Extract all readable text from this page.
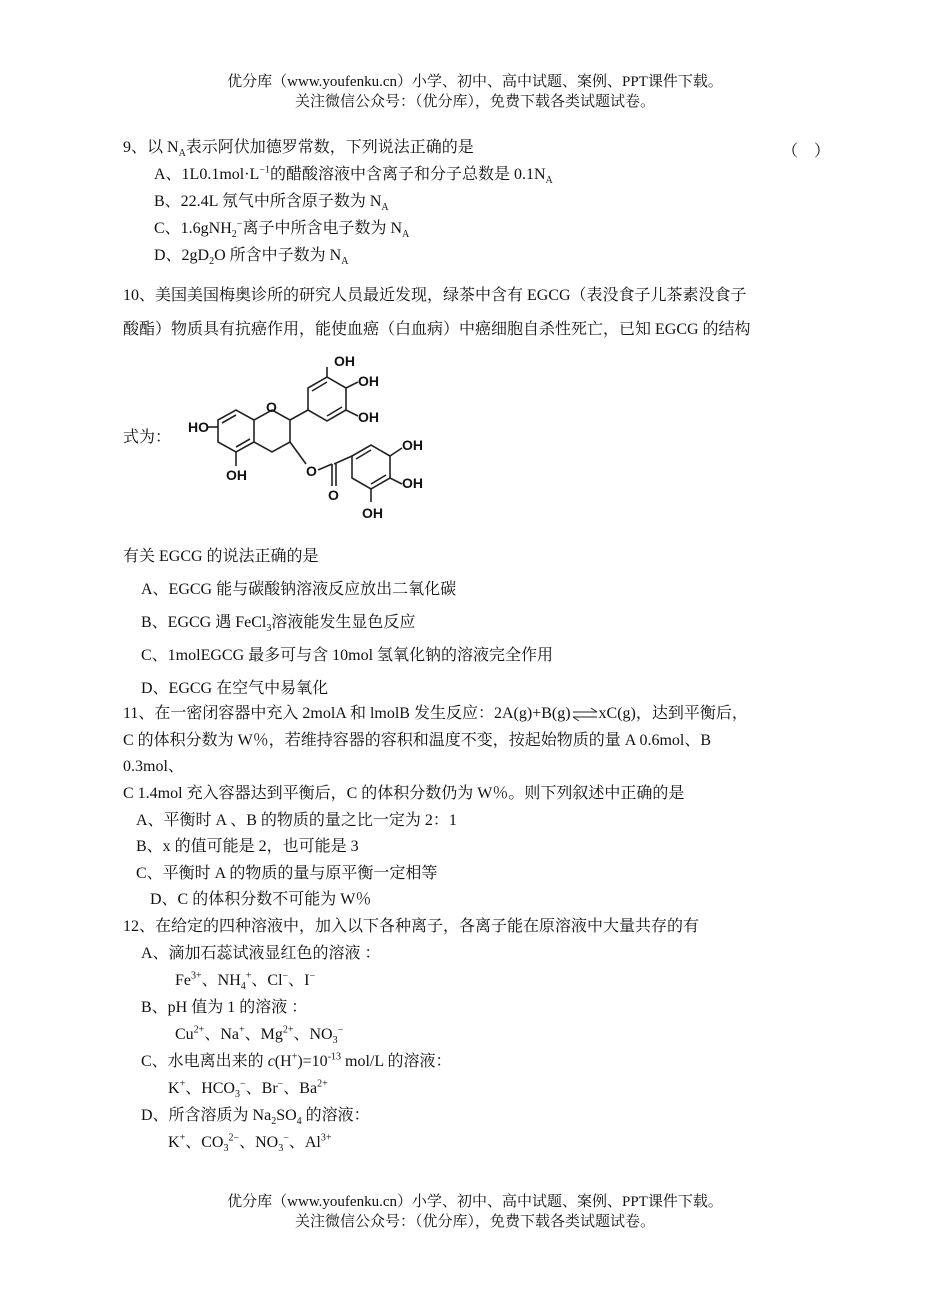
优分库（www.youfenku.cn）小学、初中、高中试题、案例、PPT课件下载。
关注微信公众号：（优分库），免费下载各类试题试卷。
9、以 $N_A$表示阿伏加德罗常数，下列说法正确的是	（　）
A、$1L0.1mol\cdot L^{-1}$的醋酸溶液中含离子和分子总数是 $0.1N_A$
B、22.4L 氖气中所含原子数为 $N_A$
C、1.6gNH$_2$−离子中所含电子数为 $N_A$
D、$2gD_2O$ 所含中子数为 $N_A$
10、美国美国梅奥诊所的研究人员最近发现，绿茶中含有 EGCG（表没食子儿茶素没食子
酸酯）物质具有抗癌作用，能使血癌（白血病）中癌细胞自杀性死亡，已知 EGCG 的结构
式为：
OH
OH
OH
HO
O
OH	O
O
OH
OH
OH
有关 EGCG 的说法正确的是
A、EGCG 能与碳酸钠溶液反应放出二氧化碳
B、EGCG 遇 FeCl$_3$溶液能发生显色反应
C、1molEGCG 最多可与含 10mol 氢氧化钠的溶液完全作用
D、EGCG 在空气中易氧化
11、在一密闭容器中充入 2molA 和 lmolB 发生反应：2A(g)+B(g)⇌xC(g)，达到平衡后，
C 的体积分数为 W％，若维持容器的容积和温度不变，按起始物质的量 A 0.6mol、B
0.3mol、
C 1.4mol 充入容器达到平衡后，C 的体积分数仍为 W％。则下列叙述中正确的是
A、平衡时 A 、B 的物质的量之比一定为 2：1
B、x 的值可能是 2，也可能是 3
C、平衡时 A 的物质的量与原平衡一定相等
D、C 的体积分数不可能为 W％
12、在给定的四种溶液中，加入以下各种离子，各离子能在原溶液中大量共存的有
A、滴加石蕊试液显红色的溶液 ：
$Fe^{3+}$、$NH_4^+$、Cl−、I−
B、pH 值为 1 的溶液 ：
$Cu^{2+}$、Na+、$Mg^{2+}$、$NO_3^-$
C、水电离出来的 $c(H^+)=10^{-13}$ mol/L 的溶液：
K+、$HCO_3^-$、Br−、$Ba^{2+}$
D、所含溶质为 $Na_2SO_4$ 的溶液：
K+、$CO_3^{2-}$、$NO_3^-$、$Al^{3+}$
优分库（www.youfenku.cn）小学、初中、高中试题、案例、PPT课件下载。
关注微信公众号：（优分库），免费下载各类试题试卷。
